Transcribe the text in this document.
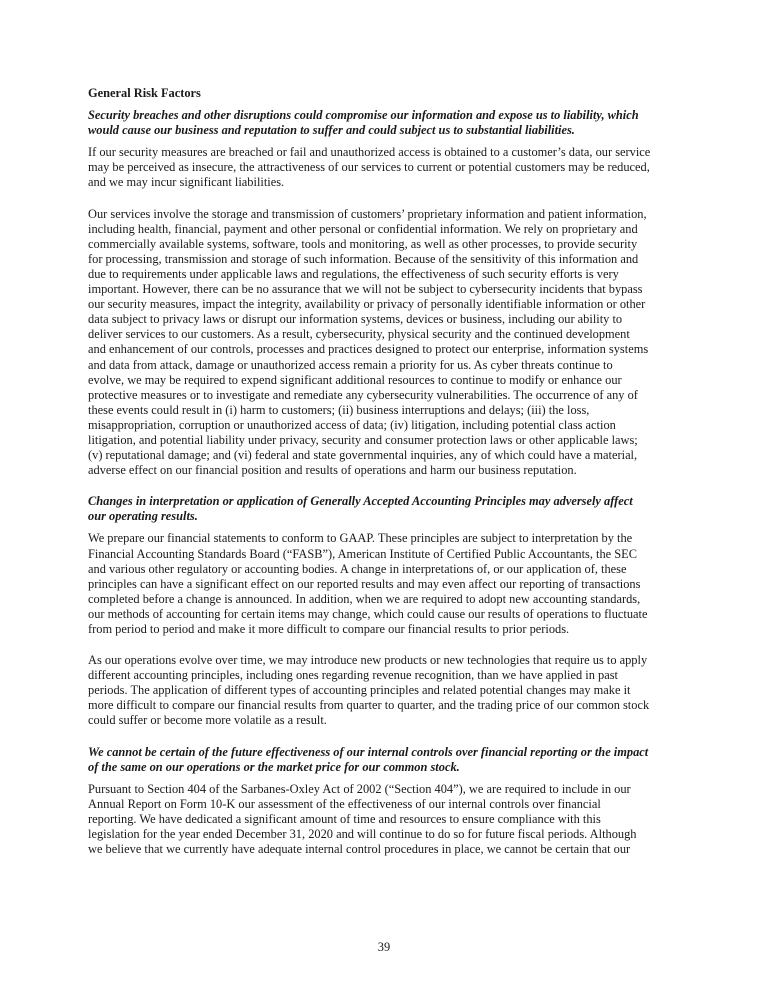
General Risk Factors
Security breaches and other disruptions could compromise our information and expose us to liability, which
would cause our business and reputation to suffer and could subject us to substantial liabilities.
If our security measures are breached or fail and unauthorized access is obtained to a customer’s data, our service
may be perceived as insecure, the attractiveness of our services to current or potential customers may be reduced,
and we may incur significant liabilities.
Our services involve the storage and transmission of customers’ proprietary information and patient information,
including health, financial, payment and other personal or confidential information. We rely on proprietary and
commercially available systems, software, tools and monitoring, as well as other processes, to provide security
for processing, transmission and storage of such information. Because of the sensitivity of this information and
due to requirements under applicable laws and regulations, the effectiveness of such security efforts is very
important. However, there can be no assurance that we will not be subject to cybersecurity incidents that bypass
our security measures, impact the integrity, availability or privacy of personally identifiable information or other
data subject to privacy laws or disrupt our information systems, devices or business, including our ability to
deliver services to our customers. As a result, cybersecurity, physical security and the continued development
and enhancement of our controls, processes and practices designed to protect our enterprise, information systems
and data from attack, damage or unauthorized access remain a priority for us. As cyber threats continue to
evolve, we may be required to expend significant additional resources to continue to modify or enhance our
protective measures or to investigate and remediate any cybersecurity vulnerabilities. The occurrence of any of
these events could result in (i) harm to customers; (ii) business interruptions and delays; (iii) the loss,
misappropriation, corruption or unauthorized access of data; (iv) litigation, including potential class action
litigation, and potential liability under privacy, security and consumer protection laws or other applicable laws;
(v) reputational damage; and (vi) federal and state governmental inquiries, any of which could have a material,
adverse effect on our financial position and results of operations and harm our business reputation.
Changes in interpretation or application of Generally Accepted Accounting Principles may adversely affect
our operating results.
We prepare our financial statements to conform to GAAP. These principles are subject to interpretation by the
Financial Accounting Standards Board (“FASB”), American Institute of Certified Public Accountants, the SEC
and various other regulatory or accounting bodies. A change in interpretations of, or our application of, these
principles can have a significant effect on our reported results and may even affect our reporting of transactions
completed before a change is announced. In addition, when we are required to adopt new accounting standards,
our methods of accounting for certain items may change, which could cause our results of operations to fluctuate
from period to period and make it more difficult to compare our financial results to prior periods.
As our operations evolve over time, we may introduce new products or new technologies that require us to apply
different accounting principles, including ones regarding revenue recognition, than we have applied in past
periods. The application of different types of accounting principles and related potential changes may make it
more difficult to compare our financial results from quarter to quarter, and the trading price of our common stock
could suffer or become more volatile as a result.
We cannot be certain of the future effectiveness of our internal controls over financial reporting or the impact
of the same on our operations or the market price for our common stock.
Pursuant to Section 404 of the Sarbanes-Oxley Act of 2002 (“Section 404”), we are required to include in our
Annual Report on Form 10-K our assessment of the effectiveness of our internal controls over financial
reporting. We have dedicated a significant amount of time and resources to ensure compliance with this
legislation for the year ended December 31, 2020 and will continue to do so for future fiscal periods. Although
we believe that we currently have adequate internal control procedures in place, we cannot be certain that our
39
